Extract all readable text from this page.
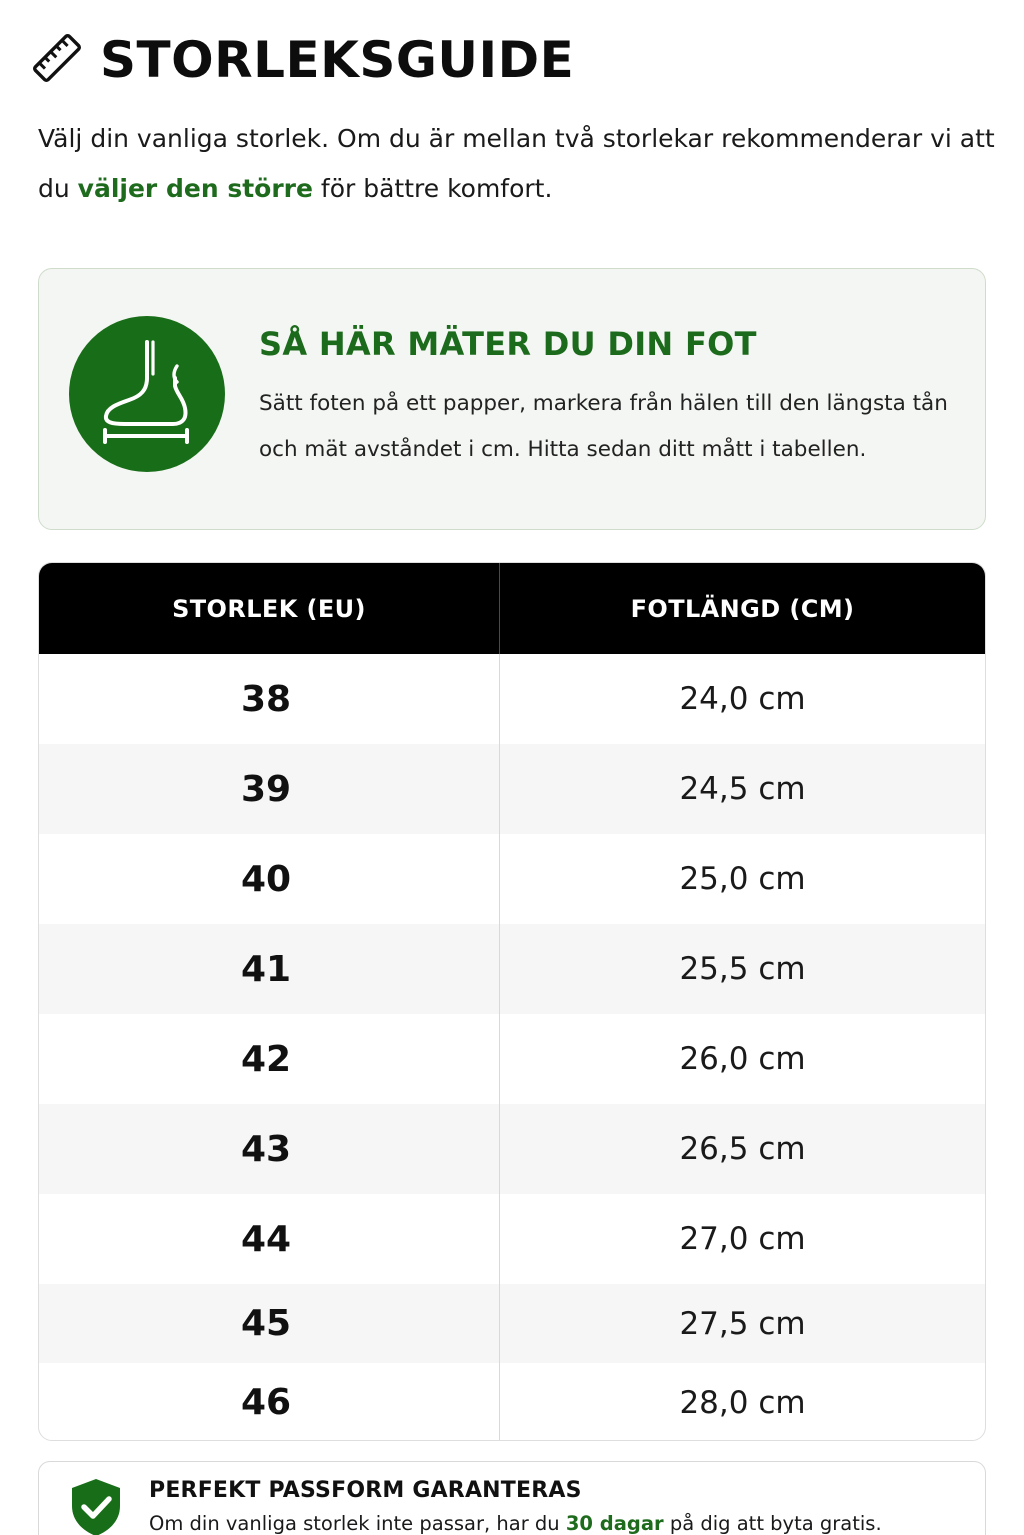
STORLEKSGUIDE

Välj din vanliga storlek. Om du är mellan två storlekar rekommenderar vi att du väljer den större för bättre komfort.

SÅ HÄR MÄTER DU DIN FOT

Sätt foten på ett papper, markera från hälen till den längsta tån och mät avståndet i cm. Hitta sedan ditt mått i tabellen.

STORLEK (EU)	FOTLÄNGD (CM)
38	24,0 cm
39	24,5 cm
40	25,0 cm
41	25,5 cm
42	26,0 cm
43	26,5 cm
44	27,0 cm
45	27,5 cm
46	28,0 cm
PERFEKT PASSFORM GARANTERAS
Om din vanliga storlek inte passar, har du 30 dagar på dig att byta gratis.
